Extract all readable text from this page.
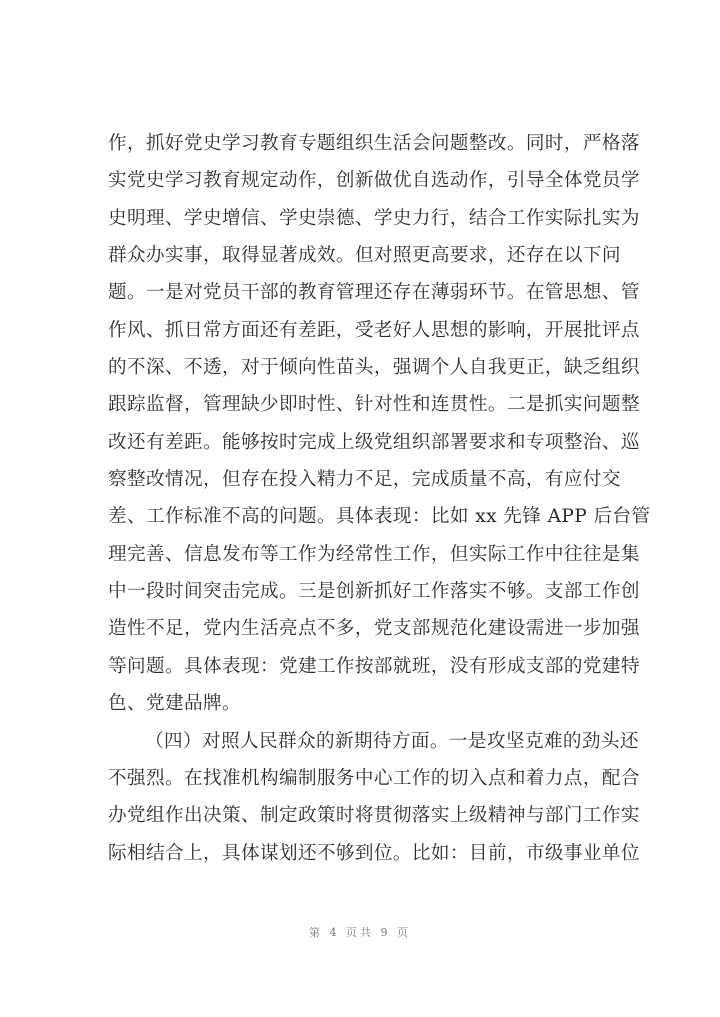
作，抓好党史学习教育专题组织生活会问题整改。同时，严格落
实党史学习教育规定动作，创新做优自选动作，引导全体党员学
史明理、学史增信、学史崇德、学史力行，结合工作实际扎实为
群众办实事，取得显著成效。但对照更高要求，还存在以下问
题。一是对党员干部的教育管理还存在薄弱环节。在管思想、管
作风、抓日常方面还有差距，受老好人思想的影响，开展批评点
的不深、不透，对于倾向性苗头，强调个人自我更正，缺乏组织
跟踪监督，管理缺少即时性、针对性和连贯性。二是抓实问题整
改还有差距。能够按时完成上级党组织部署要求和专项整治、巡
察整改情况，但存在投入精力不足，完成质量不高，有应付交
差、工作标准不高的问题。具体表现：比如 xx 先锋 APP 后台管
理完善、信息发布等工作为经常性工作，但实际工作中往往是集
中一段时间突击完成。三是创新抓好工作落实不够。支部工作创
造性不足，党内生活亮点不多，党支部规范化建设需进一步加强
等问题。具体表现：党建工作按部就班，没有形成支部的党建特
色、党建品牌。
（四）对照人民群众的新期待方面。一是攻坚克难的劲头还
不强烈。在找准机构编制服务中心工作的切入点和着力点，配合
办党组作出决策、制定政策时将贯彻落实上级精神与部门工作实
际相结合上，具体谋划还不够到位。比如：目前，市级事业单位
第 4 页共 9 页
